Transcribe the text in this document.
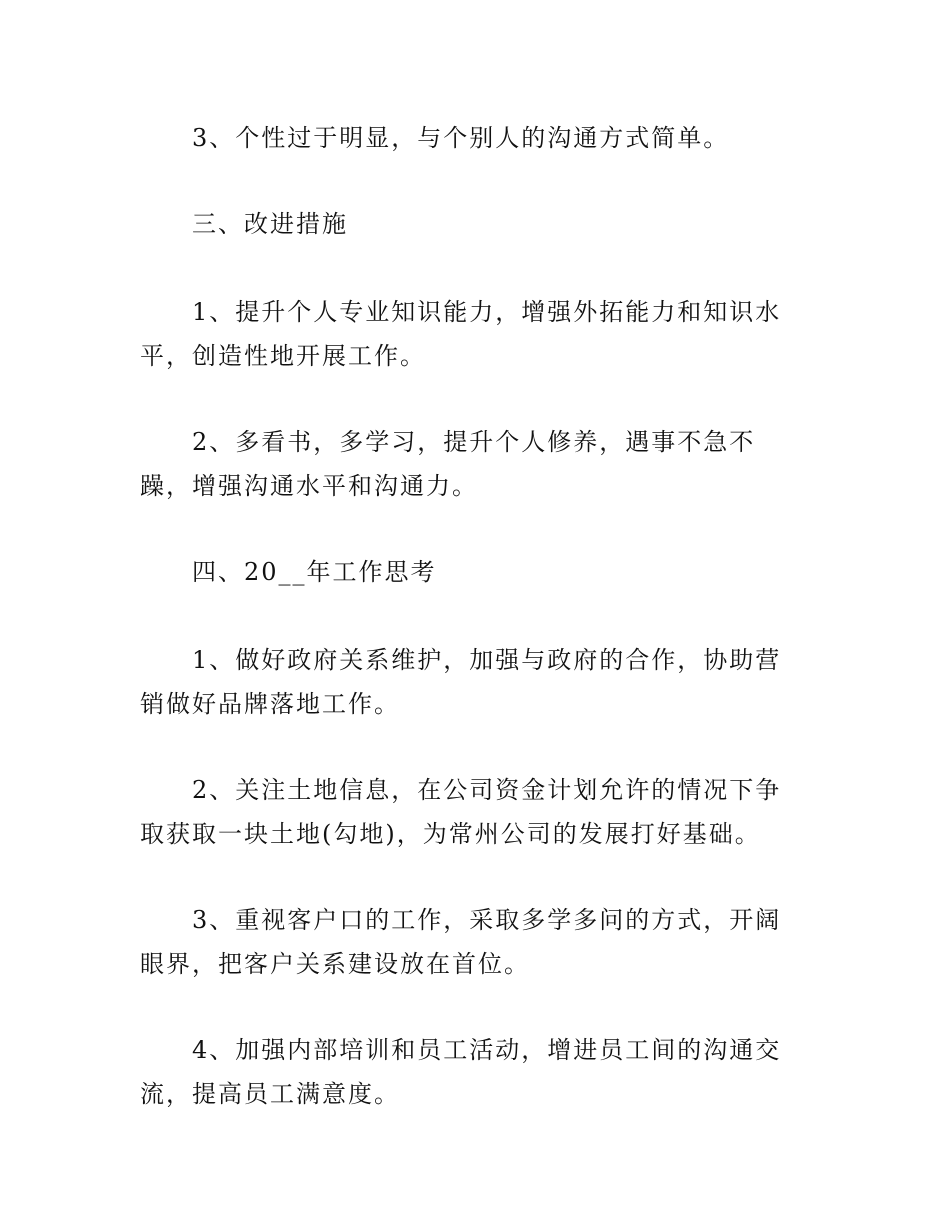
3、个性过于明显，与个别人的沟通方式简单。

三、改进措施

1、提升个人专业知识能力，增强外拓能力和知识水平，创造性地开展工作。

2、多看书，多学习，提升个人修养，遇事不急不躁，增强沟通水平和沟通力。

四、20__年工作思考

1、做好政府关系维护，加强与政府的合作，协助营销做好品牌落地工作。

2、关注土地信息，在公司资金计划允许的情况下争取获取一块土地(勾地)，为常州公司的发展打好基础。

3、重视客户口的工作，采取多学多问的方式，开阔眼界，把客户关系建设放在首位。

4、加强内部培训和员工活动，增进员工间的沟通交流，提高员工满意度。
